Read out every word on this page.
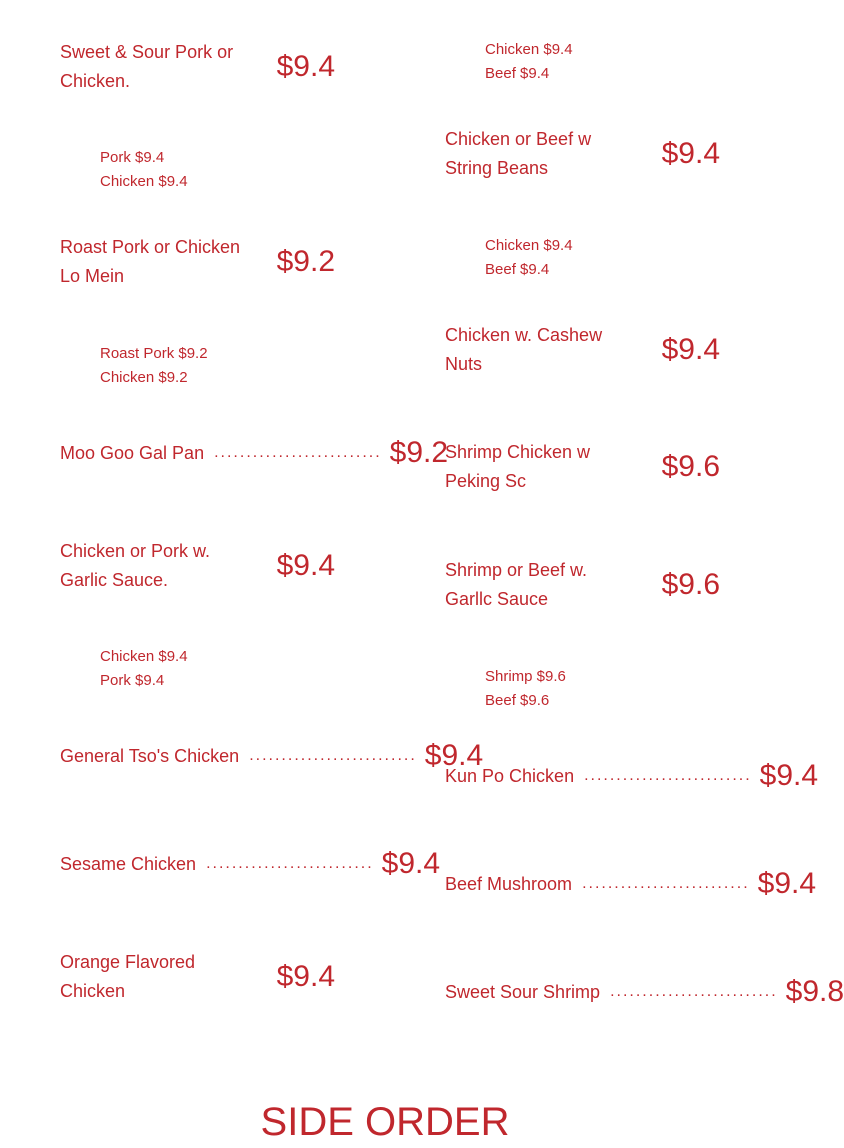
Sweet & Sour Pork or Chicken.	$9.4
Pork $9.4
Chicken $9.4
Roast Pork or Chicken Lo Mein	$9.2
Roast Pork $9.2
Chicken $9.2
Moo Goo Gal Pan .......................... $9.2
Chicken or Pork w. Garlic Sauce.	$9.4
Chicken $9.4
Pork $9.4
General Tso's Chicken .......................... $9.4
Sesame Chicken .......................... $9.4
Orange Flavored Chicken	$9.4
Chicken $9.4
Beef $9.4
Chicken or Beef w String Beans	$9.4
Chicken $9.4
Beef $9.4
Chicken w. Cashew Nuts	$9.4
Shrimp Chicken w Peking Sc	$9.6
Shrimp or Beef w. Garllc Sauce	$9.6
Shrimp $9.6
Beef $9.6
Kun Po Chicken .......................... $9.4
Beef Mushroom .......................... $9.4
Sweet Sour Shrimp .......................... $9.8
SIDE ORDER
